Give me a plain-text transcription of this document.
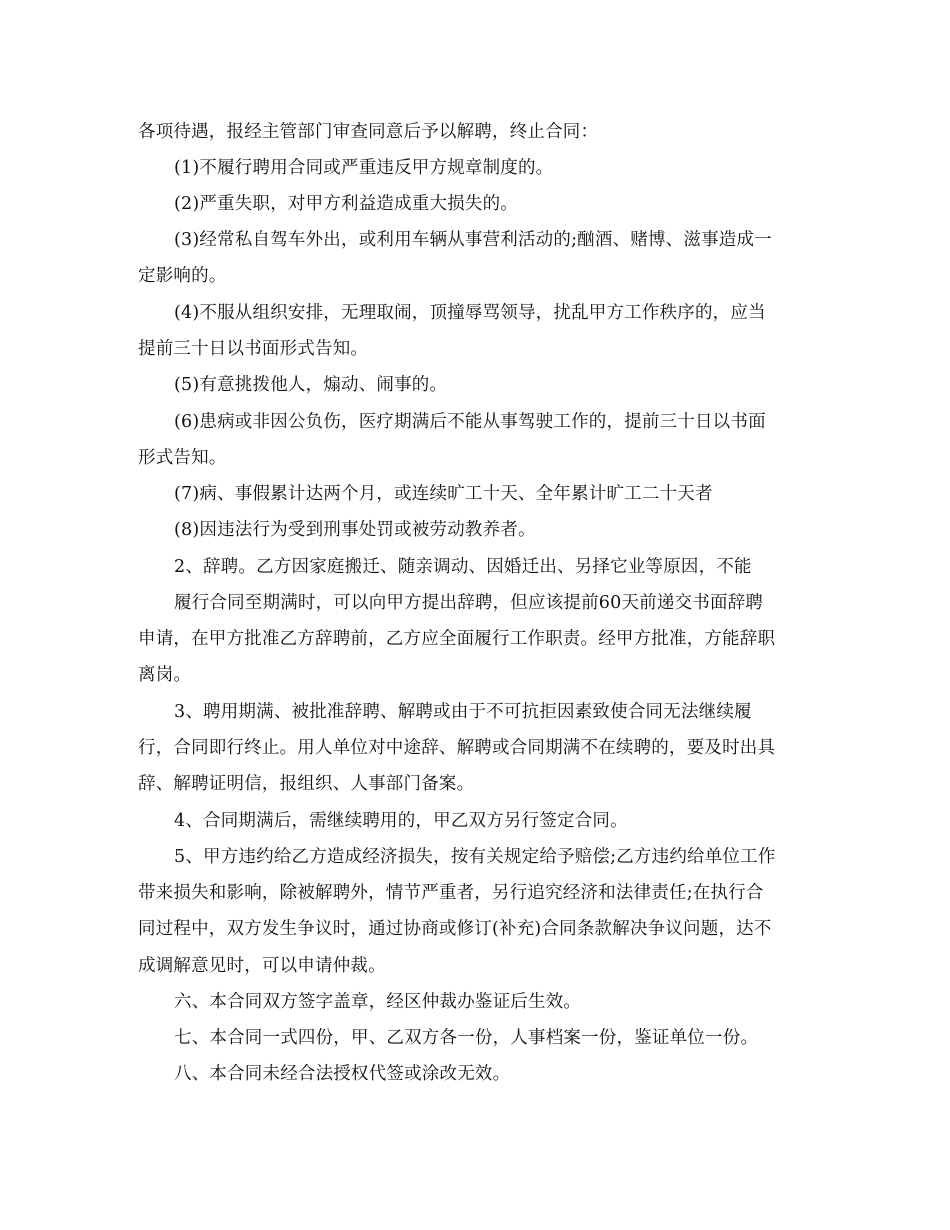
各项待遇，报经主管部门审查同意后予以解聘，终止合同：
(1)不履行聘用合同或严重违反甲方规章制度的。
(2)严重失职，对甲方利益造成重大损失的。
(3)经常私自驾车外出，或利用车辆从事营利活动的;酗酒、赌博、滋事造成一
定影响的。
(4)不服从组织安排，无理取闹，顶撞辱骂领导，扰乱甲方工作秩序的，应当
提前三十日以书面形式告知。
(5)有意挑拨他人，煽动、闹事的。
(6)患病或非因公负伤，医疗期满后不能从事驾驶工作的，提前三十日以书面
形式告知。
(7)病、事假累计达两个月，或连续旷工十天、全年累计旷工二十天者
(8)因违法行为受到刑事处罚或被劳动教养者。
2、辞聘。乙方因家庭搬迁、随亲调动、因婚迁出、另择它业等原因，不能
履行合同至期满时，可以向甲方提出辞聘，但应该提前60天前递交书面辞聘
申请，在甲方批准乙方辞聘前，乙方应全面履行工作职责。经甲方批准，方能辞职
离岗。
3、聘用期满、被批准辞聘、解聘或由于不可抗拒因素致使合同无法继续履
行，合同即行终止。用人单位对中途辞、解聘或合同期满不在续聘的，要及时出具
辞、解聘证明信，报组织、人事部门备案。
4、合同期满后，需继续聘用的，甲乙双方另行签定合同。
5、甲方违约给乙方造成经济损失，按有关规定给予赔偿;乙方违约给单位工作
带来损失和影响，除被解聘外，情节严重者，另行追究经济和法律责任;在执行合
同过程中，双方发生争议时，通过协商或修订(补充)合同条款解决争议问题，达不
成调解意见时，可以申请仲裁。
六、本合同双方签字盖章，经区仲裁办鉴证后生效。
七、本合同一式四份，甲、乙双方各一份，人事档案一份，鉴证单位一份。
八、本合同未经合法授权代签或涂改无效。
